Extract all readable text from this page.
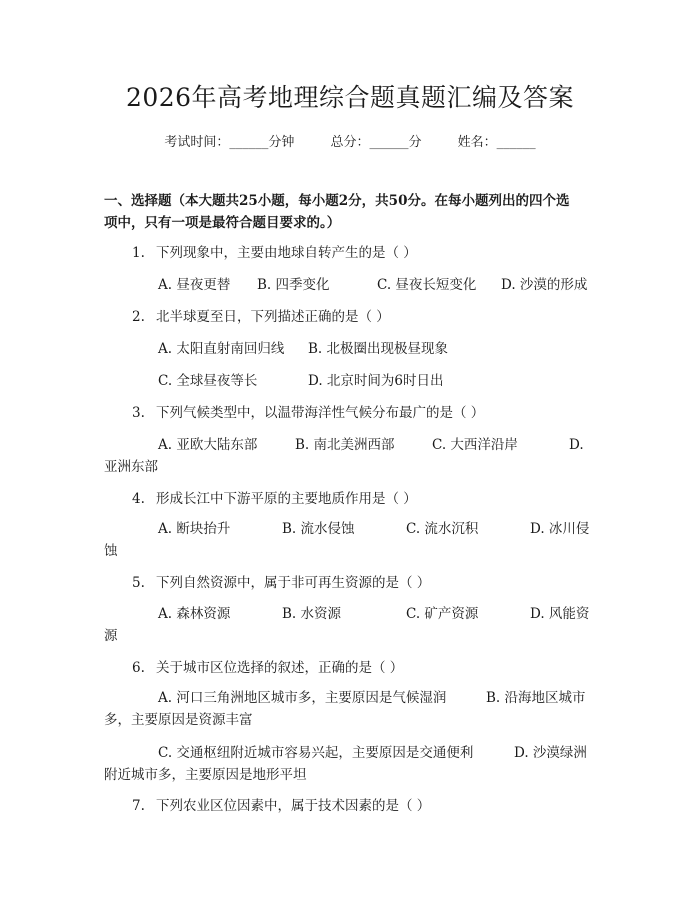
2026年高考地理综合题真题汇编及答案
考试时间：______分钟	总分：______分	姓名：______
一、选择题（本大题共25小题，每小题2分，共50分。在每小题列出的四个选
项中，只有一项是最符合题目要求的。）
1. 下列现象中，主要由地球自转产生的是（ ）
A. 昼夜更替 B. 四季变化	C. 昼夜长短变化 D. 沙漠的形成
2. 北半球夏至日，下列描述正确的是（ ）
A. 太阳直射南回归线 B. 北极圈出现极昼现象
C. 全球昼夜等长	D. 北京时间为6时日出
3. 下列气候类型中，以温带海洋性气候分布最广的是（ ）
A. 亚欧大陆东部	B. 南北美洲西部	C. 大西洋沿岸	D.
亚洲东部
4. 形成长江中下游平原的主要地质作用是（ ）
A. 断块抬升	B. 流水侵蚀	C. 流水沉积	D. 冰川侵
蚀
5. 下列自然资源中，属于非可再生资源的是（ ）
A. 森林资源	B. 水资源	C. 矿产资源	D. 风能资
源
6. 关于城市区位选择的叙述，正确的是（ ）
A. 河口三角洲地区城市多，主要原因是气候湿润	B. 沿海地区城市
多，主要原因是资源丰富
C. 交通枢纽附近城市容易兴起，主要原因是交通便利	D. 沙漠绿洲
附近城市多，主要原因是地形平坦
7. 下列农业区位因素中，属于技术因素的是（ ）
